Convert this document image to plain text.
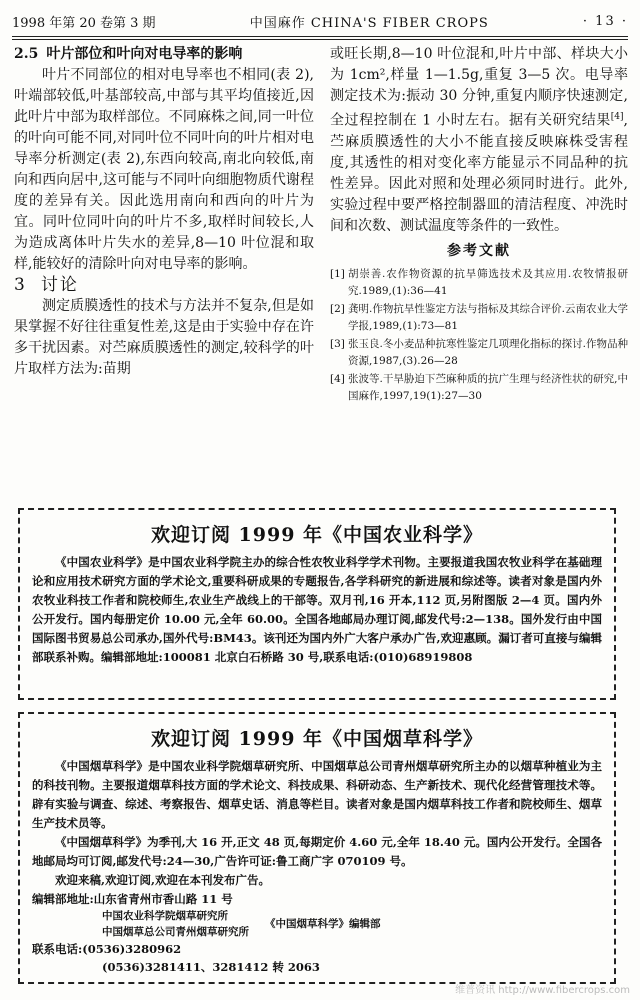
1998 年第 20 卷第 3 期	中国麻作 CHINA'S FIBER CROPS	· 13 ·

2.5 叶片部位和叶向对电导率的影响

叶片不同部位的相对电导率也不相同(表 2),叶端部较低,叶基部较高,中部与其平均值接近,因此叶片中部为取样部位。不同麻株之间,同一叶位的叶向可能不同,对同叶位不同叶向的叶片相对电导率分析测定(表 2),东西向较高,南北向较低,南向和西向居中,这可能与不同叶向细胞物质代谢程度的差异有关。因此选用南向和西向的叶片为宜。同叶位同叶向的叶片不多,取样时间较长,人为造成离体叶片失水的差异,8—10 叶位混和取样,能较好的清除叶向对电导率的影响。

3 讨论

测定质膜透性的技术与方法并不复杂,但是如果掌握不好往往重复性差,这是由于实验中存在许多干扰因素。对苎麻质膜透性的测定,较科学的叶片取样方法为:苗期

或旺长期,8—10 叶位混和,叶片中部、样块大小为 1cm²,样量 1—1.5g,重复 3—5 次。电导率测定技术为:振动 30 分钟,重复内顺序快速测定,全过程控制在 1 小时左右。据有关研究结果[4],苎麻质膜透性的大小不能直接反映麻株受害程度,其透性的相对变化率方能显示不同品种的抗性差异。因此对照和处理必须同时进行。此外,实验过程中要严格控制器皿的清洁程度、冲洗时间和次数、测试温度等条件的一致性。

参考文献
[1] 胡崇善.农作物资源的抗旱筛选技术及其应用.农牧情报研究.1989,(1):36—41
[2] 龚明.作物抗旱性鉴定方法与指标及其综合评价.云南农业大学学报,1989,(1):73—81
[3] 张玉良.冬小麦品种抗寒性鉴定几项理化指标的探讨.作物品种资源,1987,(3).26—28
[4] 张波等.干旱胁迫下苎麻种质的抗广生理与经济性状的研究,中国麻作,1997,19(1):27—30
欢迎订阅 1999 年《中国农业科学》

《中国农业科学》是中国农业科学院主办的综合性农牧业科学学术刊物。主要报道我国农牧业科学在基础理论和应用技术研究方面的学术论文,重要科研成果的专题报告,各学科研究的新进展和综述等。读者对象是国内外农牧业科技工作者和院校师生,农业生产战线上的干部等。双月刊,16 开本,112 页,另附图版 2—4 页。国内外公开发行。国内每册定价 10.00 元,全年 60.00。全国各地邮局办理订阅,邮发代号:2—138。国外发行由中国国际图书贸易总公司承办,国外代号:BM43。该刊还为国内外广大客户承办广告,欢迎惠顾。漏订者可直接与编辑部联系补购。编辑部地址:100081 北京白石桥路 30 号,联系电话:(010)68919808

欢迎订阅 1999 年《中国烟草科学》

《中国烟草科学》是中国农业科学院烟草研究所、中国烟草总公司青州烟草研究所主办的以烟草种植业为主的科技刊物。主要报道烟草科技方面的学术论文、科技成果、科研动态、生产新技术、现代化经营管理技术等。辟有实验与调查、综述、考察报告、烟草史话、消息等栏目。读者对象是国内烟草科技工作者和院校师生、烟草生产技术员等。

《中国烟草科学》为季刊,大 16 开,正文 48 页,每期定价 4.60 元,全年 18.40 元。国内公开发行。全国各地邮局均可订阅,邮发代号:24—30,广告许可证:鲁工商广字 070109 号。

欢迎来稿,欢迎订阅,欢迎在本刊发布广告。

编辑部地址: 山东省青州市香山路 11 号
中国农业科学院烟草研究所
中国烟草总公司青州烟草研究所
《中国烟草科学》编辑部
联系电话: (0536)3280962
(0536)3281411、3281412 转 2063
维普资讯 http://www.fibercrops.com
